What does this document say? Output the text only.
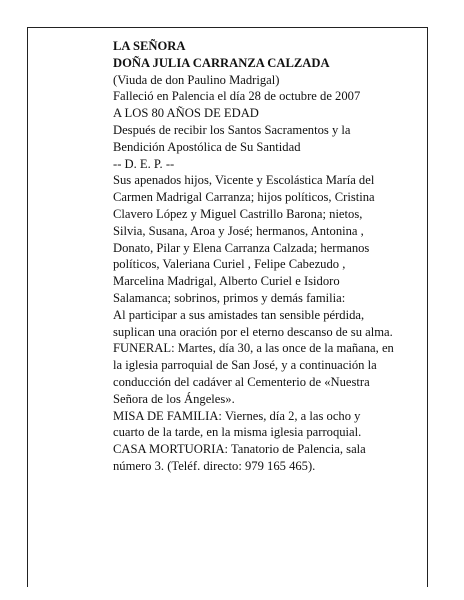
LA SEÑORA
DOÑA JULIA CARRANZA CALZADA
(Viuda de don Paulino Madrigal)
Falleció en Palencia el día 28 de octubre de 2007
A LOS 80 AÑOS DE EDAD
Después de recibir los Santos Sacramentos y la
Bendición Apostólica de Su Santidad
-- D. E. P. --
Sus apenados hijos, Vicente y Escolástica María del
Carmen Madrigal Carranza; hijos políticos, Cristina
Clavero López y Miguel Castrillo Barona; nietos,
Silvia, Susana, Aroa y José; hermanos, Antonina ,
Donato, Pilar y Elena Carranza Calzada; hermanos
políticos, Valeriana Curiel , Felipe Cabezudo ,
Marcelina Madrigal, Alberto Curiel e Isidoro
Salamanca; sobrinos, primos y demás familia:
Al participar a sus amistades tan sensible pérdida,
suplican una oración por el eterno descanso de su alma.
FUNERAL: Martes, día 30, a las once de la mañana, en
la iglesia parroquial de San José, y a continuación la
conducción del cadáver al Cementerio de «Nuestra
Señora de los Ángeles».
MISA DE FAMILIA: Viernes, día 2, a las ocho y
cuarto de la tarde, en la misma iglesia parroquial.
CASA MORTUORIA: Tanatorio de Palencia, sala
número 3. (Teléf. directo: 979 165 465).
